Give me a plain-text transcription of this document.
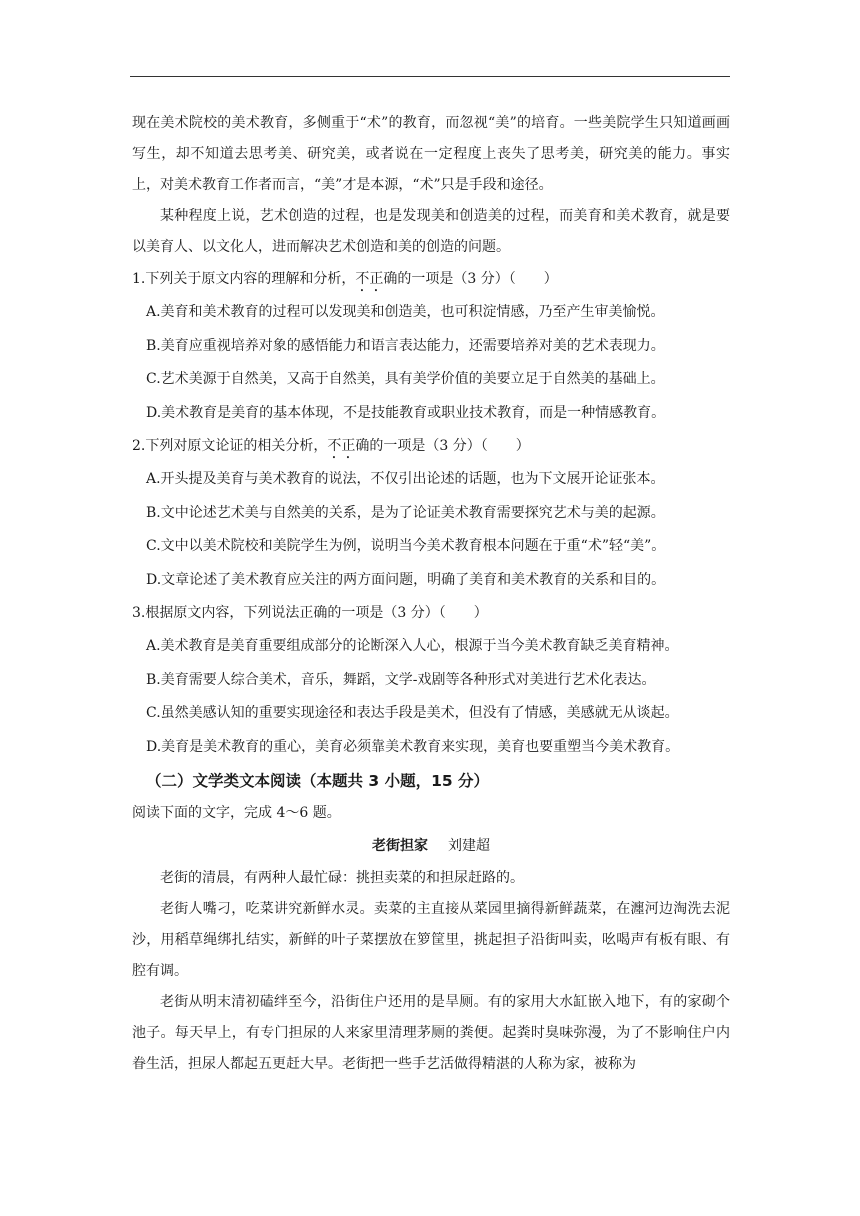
现在美术院校的美术教育，多侧重于“术”的教育，而忽视“美”的培育。一些美院学生只知道画画写生，却不知道去思考美、研究美，或者说在一定程度上丧失了思考美，研究美的能力。事实上，对美术教育工作者而言，“美”才是本源，“术”只是手段和途径。

某种程度上说，艺术创造的过程，也是发现美和创造美的过程，而美育和美术教育，就是要以美育人、以文化人，进而解决艺术创造和美的创造的问题。

1.下列关于原文内容的理解和分析，不正确的一项是（3 分）（　　）

A.美育和美术教育的过程可以发现美和创造美，也可积淀情感，乃至产生审美愉悦。

B.美育应重视培养对象的感悟能力和语言表达能力，还需要培养对美的艺术表现力。

C.艺术美源于自然美，又高于自然美，具有美学价值的美要立足于自然美的基础上。

D.美术教育是美育的基本体现，不是技能教育或职业技术教育，而是一种情感教育。

2.下列对原文论证的相关分析，不正确的一项是（3 分）（　　）

A.开头提及美育与美术教育的说法，不仅引出论述的话题，也为下文展开论证张本。

B.文中论述艺术美与自然美的关系，是为了论证美术教育需要探究艺术与美的起源。

C.文中以美术院校和美院学生为例，说明当今美术教育根本问题在于重“术”轻“美”。

D.文章论述了美术教育应关注的两方面问题，明确了美育和美术教育的关系和目的。

3.根据原文内容，下列说法正确的一项是（3 分）（　　）

A.美术教育是美育重要组成部分的论断深入人心，根源于当今美术教育缺乏美育精神。

B.美育需要人综合美术，音乐，舞蹈，文学-戏剧等各种形式对美进行艺术化表达。

C.虽然美感认知的重要实现途径和表达手段是美术，但没有了情感，美感就无从谈起。

D.美育是美术教育的重心，美育必须靠美术教育来实现，美育也要重塑当今美术教育。

（二）文学类文本阅读（本题共 3 小题，15 分）

阅读下面的文字，完成 4～6 题。

老街担家 刘建超

老街的清晨，有两种人最忙碌：挑担卖菜的和担尿赶路的。

老街人嘴刁，吃菜讲究新鲜水灵。卖菜的主直接从菜园里摘得新鲜蔬菜，在瀍河边淘洗去泥沙，用稻草绳绑扎结实，新鲜的叶子菜摆放在箩筐里，挑起担子沿街叫卖，吆喝声有板有眼、有腔有调。

老街从明末清初磕绊至今，沿街住户还用的是旱厕。有的家用大水缸嵌入地下，有的家砌个池子。每天早上，有专门担尿的人来家里清理茅厕的粪便。起粪时臭味弥漫，为了不影响住户内眷生活，担尿人都起五更赶大早。老街把一些手艺活做得精湛的人称为家，被称为
